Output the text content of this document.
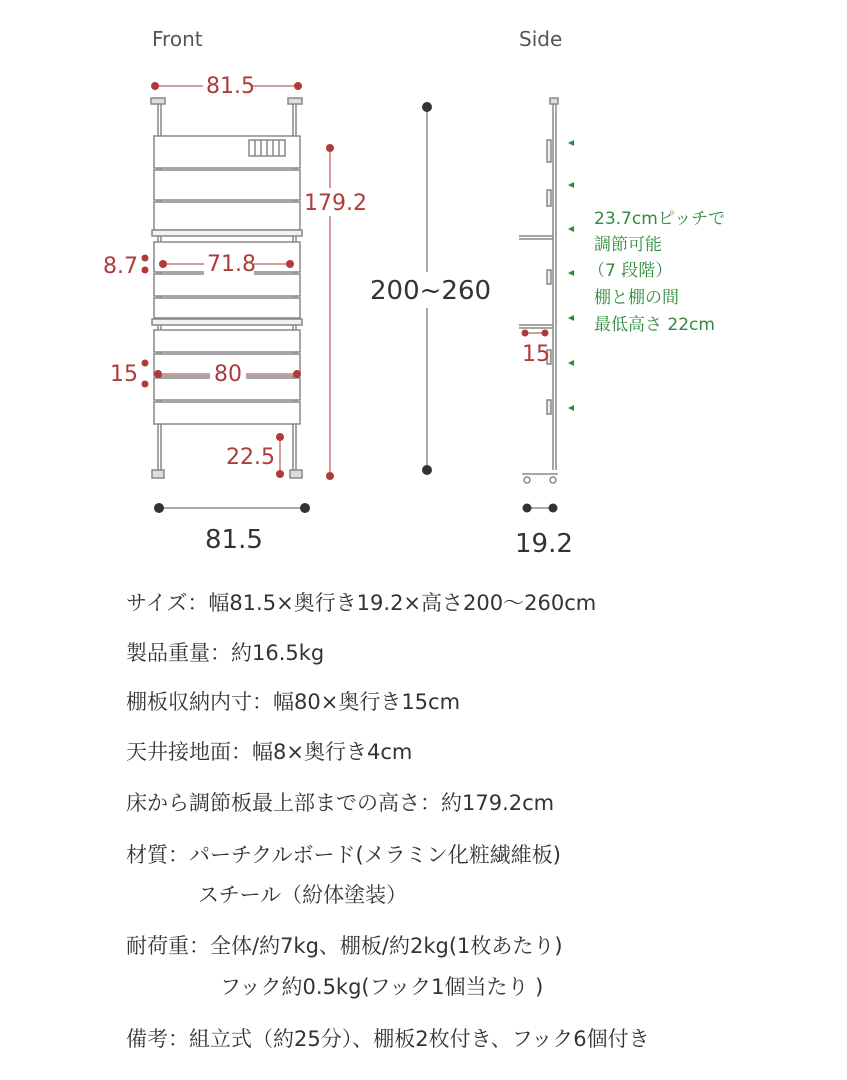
Front	Side
81.5
179.2
8.7	71.8
15	80
22.5
81.5
200~260
23.7cmピッチで
調節可能
（7 段階）
棚と棚の間
最低高さ 22cm
15
19.2

サイズ：幅81.5×奥行き19.2×高さ200〜260cm

製品重量：約16.5kg

棚板収納内寸：幅80×奥行き15cm

天井接地面：幅8×奥行き4cm

床から調節板最上部までの高さ：約179.2cm

材質：パーチクルボード(メラミン化粧繊維板)

スチール（紛体塗装）

耐荷重：全体/約7kg、棚板/約2kg(1枚あたり)

フック約0.5kg(フック1個当たり )

備考：組立式（約25分）、棚板2枚付き、フック6個付き
